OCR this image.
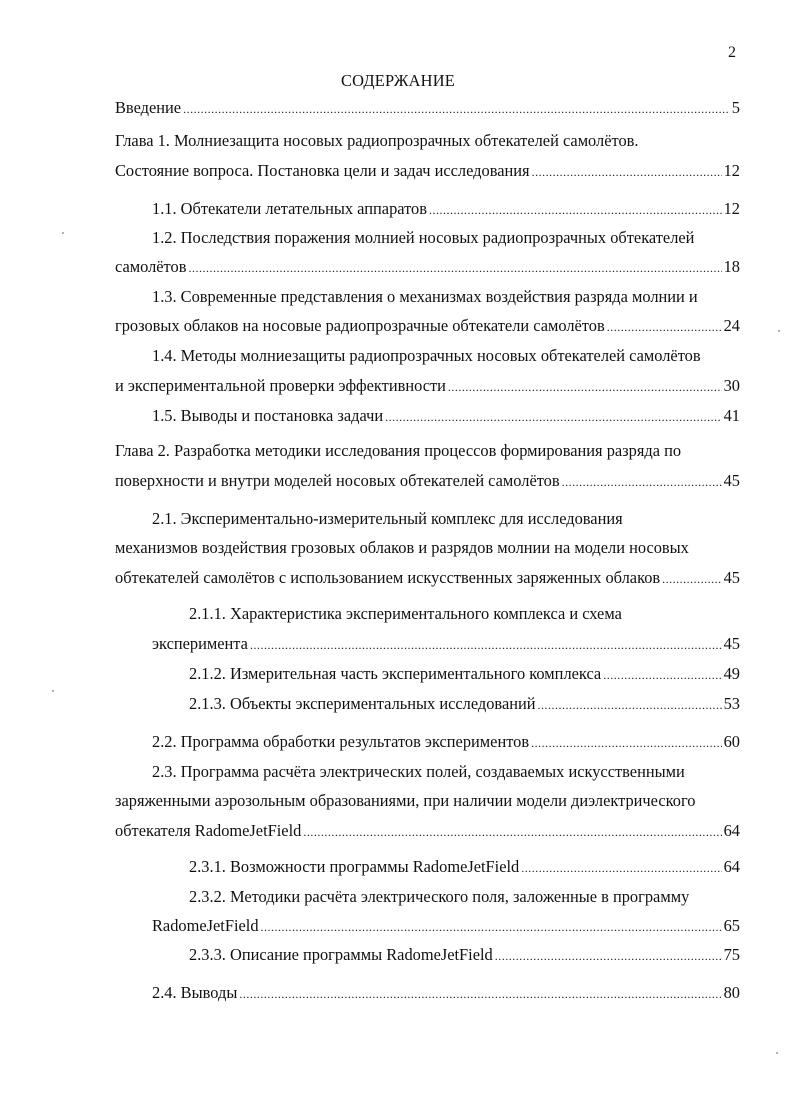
2
СОДЕРЖАНИЕ
Введение .....	5
Глава 1. Молниезащита носовых радиопрозрачных обтекателей самолётов.
Состояние вопроса. Постановка цели и задач исследования .....	12
1.1. Обтекатели летательных аппаратов .....	12
1.2. Последствия поражения молнией носовых радиопрозрачных обтекателей
самолётов .....	18
1.3. Современные представления о механизмах воздействия разряда молнии и
грозовых облаков на носовые радиопрозрачные обтекатели самолётов .....	24
1.4. Методы молниезащиты радиопрозрачных носовых обтекателей самолётов
и экспериментальной проверки эффективности .....	30
1.5. Выводы и постановка задачи .....	41
Глава 2. Разработка методики исследования процессов формирования разряда по
поверхности и внутри моделей носовых обтекателей самолётов .....	45
2.1. Экспериментально-измерительный комплекс для исследования
механизмов воздействия грозовых облаков и разрядов молнии на модели носовых
обтекателей самолётов с использованием искусственных заряженных облаков .....	45
2.1.1. Характеристика экспериментального комплекса и схема
эксперимента .....	45
2.1.2. Измерительная часть экспериментального комплекса .....	49
2.1.3. Объекты экспериментальных исследований .....	53
2.2. Программа обработки результатов экспериментов .....	60
2.3. Программа расчёта электрических полей, создаваемых искусственными
заряженными аэрозольным образованиями, при наличии модели диэлектрического
обтекателя RadomeJetField .....	64
2.3.1. Возможности программы RadomeJetField .....	64
2.3.2. Методики расчёта электрического поля, заложенные в программу
RadomeJetField .....	65
2.3.3. Описание программы RadomeJetField .....	75
2.4. Выводы .....	80
